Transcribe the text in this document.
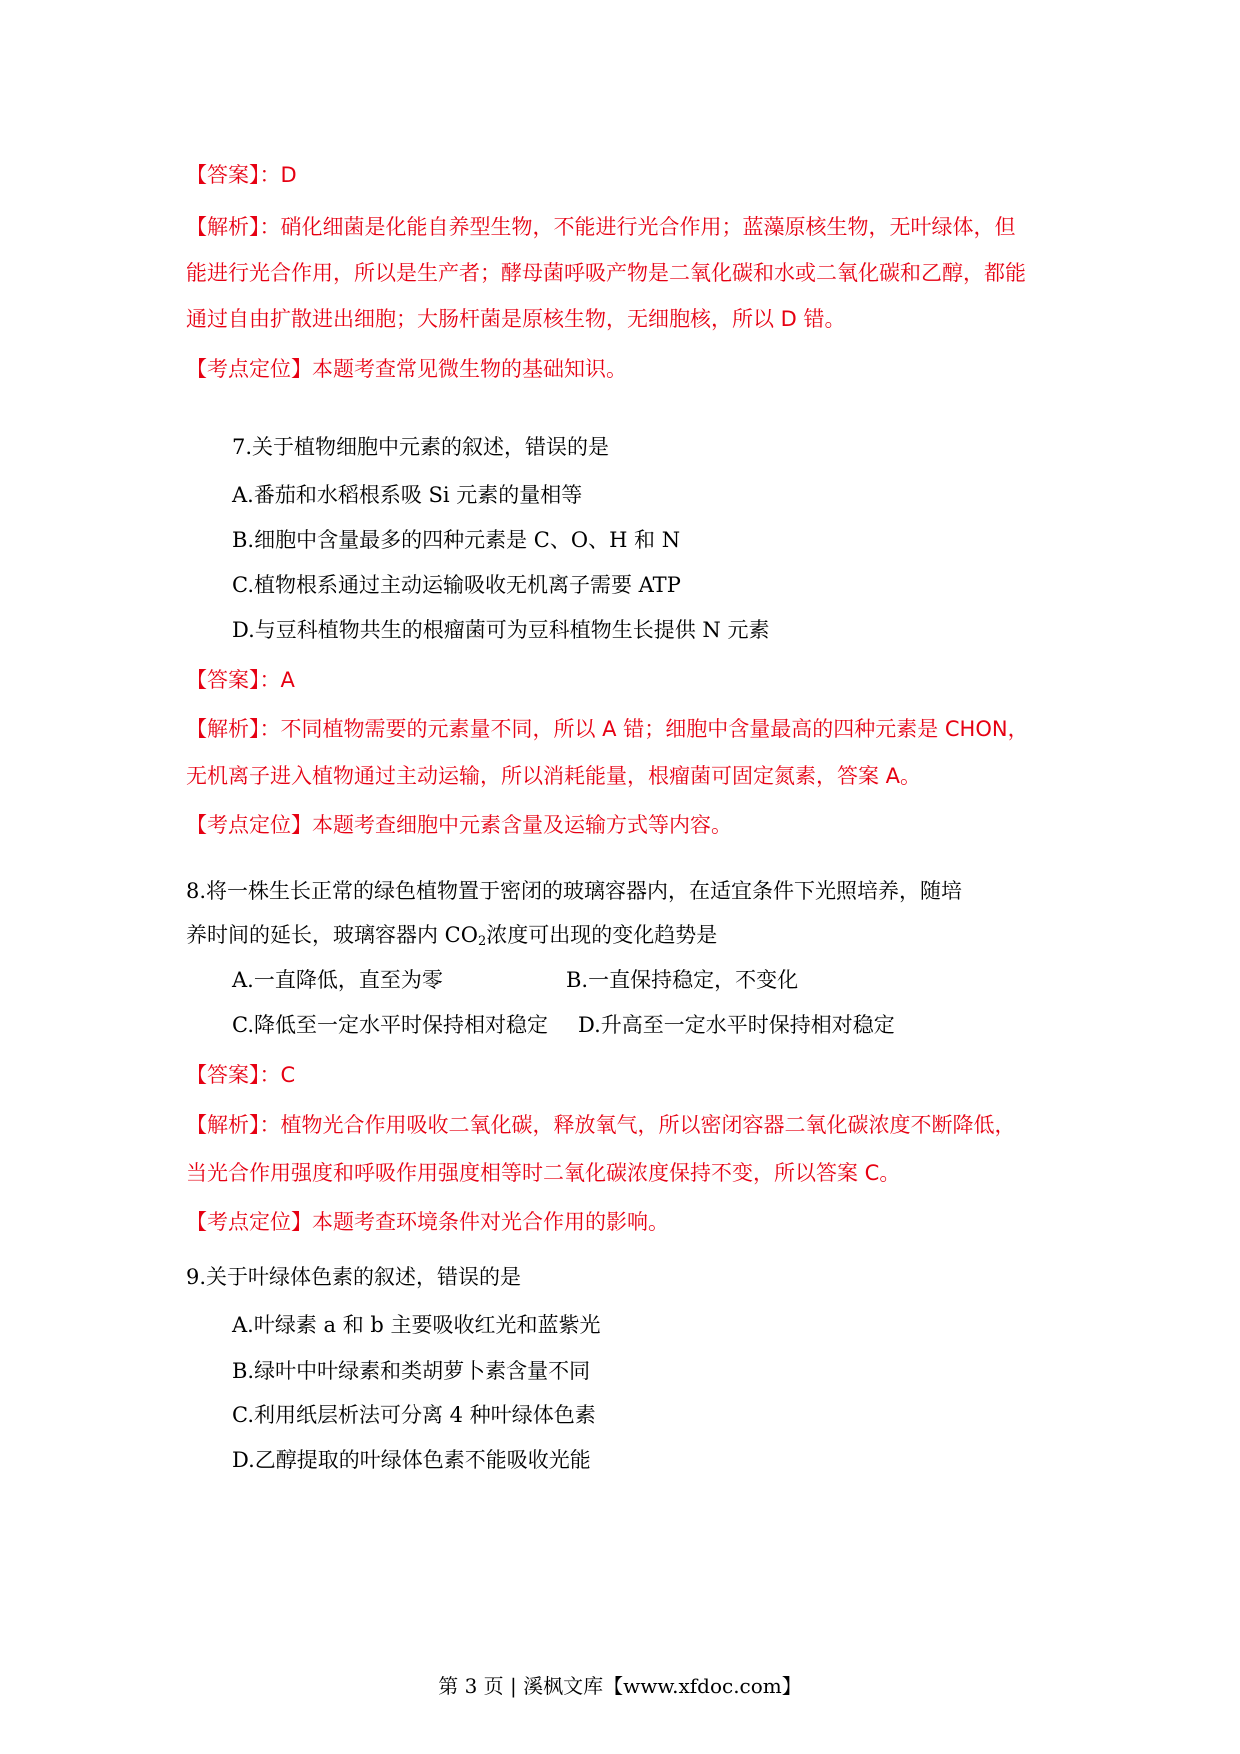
【答案】：D
【解析】：硝化细菌是化能自养型生物，不能进行光合作用；蓝藻原核生物，无叶绿体，但
能进行光合作用，所以是生产者；酵母菌呼吸产物是二氧化碳和水或二氧化碳和乙醇，都能
通过自由扩散进出细胞；大肠杆菌是原核生物，无细胞核，所以 D 错。
【考点定位】本题考查常见微生物的基础知识。
7.关于植物细胞中元素的叙述，错误的是
A.番茄和水稻根系吸 Si 元素的量相等
B.细胞中含量最多的四种元素是 C、O、H 和 N
C.植物根系通过主动运输吸收无机离子需要 ATP
D.与豆科植物共生的根瘤菌可为豆科植物生长提供 N 元素
【答案】：A
【解析】：不同植物需要的元素量不同，所以 A 错；细胞中含量最高的四种元素是 CHON，
无机离子进入植物通过主动运输，所以消耗能量，根瘤菌可固定氮素，答案 A。
【考点定位】本题考查细胞中元素含量及运输方式等内容。
8.将一株生长正常的绿色植物置于密闭的玻璃容器内，在适宜条件下光照培养，随培
养时间的延长，玻璃容器内 $CO_2$浓度可出现的变化趋势是
A.一直降低，直至为零	B.一直保持稳定，不变化
C.降低至一定水平时保持相对稳定 D.升高至一定水平时保持相对稳定
【答案】：C
【解析】：植物光合作用吸收二氧化碳，释放氧气，所以密闭容器二氧化碳浓度不断降低，
当光合作用强度和呼吸作用强度相等时二氧化碳浓度保持不变，所以答案 C。
【考点定位】本题考查环境条件对光合作用的影响。
9.关于叶绿体色素的叙述，错误的是
A.叶绿素 a 和 b 主要吸收红光和蓝紫光
B.绿叶中叶绿素和类胡萝卜素含量不同
C.利用纸层析法可分离 4 种叶绿体色素
D.乙醇提取的叶绿体色素不能吸收光能
第 3 页 | 溪枫文库【www.xfdoc.com】
